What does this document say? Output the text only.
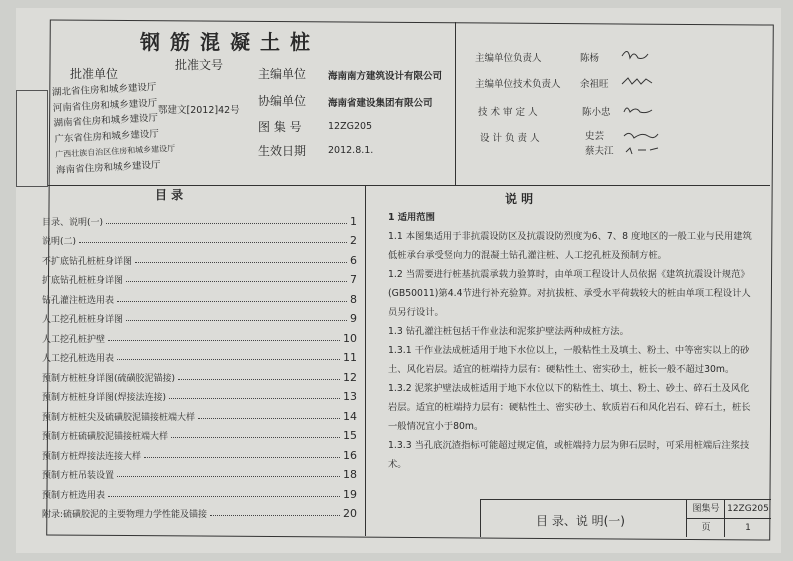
钢筋混凝土桩
批准单位
湖北省住房和城乡建设厅
河南省住房和城乡建设厅
湖南省住房和城乡建设厅
广东省住房和城乡建设厅
广西壮族自治区住房和城乡建设厅
海南省住房和城乡建设厅
批准文号
鄂建文[2012]42号
主编单位 海南南方建筑设计有限公司
协编单位 海南省建设集团有限公司
图 集 号	12ZG205
生效日期 2012.8.1.
主编单位负责人	陈杨
主编单位技术负责人 余祖旺
技 术 审 定 人	陈小忠
设 计 负 责 人	史芸
蔡夫江
目 录
目录、说明(一)	1
说明(二)	2
不扩底钻孔桩桩身详图	6
扩底钻孔桩桩身详图	7
钻孔灌注桩选用表	8
人工挖孔桩桩身详图	9
人工挖孔桩护壁	10
人工挖孔桩选用表	11
预制方桩桩身详图(硫磺胶泥锚接)	12
预制方桩桩身详图(焊接法连接)	13
预制方桩桩尖及硫磺胶泥锚接桩端大样	14
预制方桩硫磺胶泥锚接桩端大样	15
预制方桩焊接法连接大样	16
预制方桩吊装设置	18
预制方桩选用表	19
附录:硫磺胶泥的主要物理力学性能及锚接	20
说 明

1 适用范围

1.1 本图集适用于非抗震设防区及抗震设防烈度为6、7、8 度地区的一般工业与民用建筑低桩承台承受竖向力的混凝土钻孔灌注桩、人工挖孔桩及预制方桩。

1.2 当需要进行桩基抗震承载力验算时，由单项工程设计人员依据《建筑抗震设计规范》(GB50011)第4.4节进行补充验算。对抗拔桩、承受水平荷载较大的桩由单项工程设计人员另行设计。

1.3 钻孔灌注桩包括干作业法和泥浆护壁法两种成桩方法。

1.3.1 干作业法成桩适用于地下水位以上，一般粘性土及填土、粉土、中等密实以上的砂土、风化岩层。适宜的桩端持力层有：硬粘性土、密实砂土，桩长一般不超过30m。

1.3.2 泥浆护壁法成桩适用于地下水位以下的粘性土、填土、粉土、砂土、碎石土及风化岩层。适宜的桩端持力层有：硬粘性土、密实砂土、软质岩石和风化岩石、碎石土，桩长一般情况宜小于80m。

1.3.3 当孔底沉渣指标可能超过规定值，或桩端持力层为卵石层时，可采用桩端后注浆技术。

目 录、说 明(一)
图集号 12ZG205
页	1
